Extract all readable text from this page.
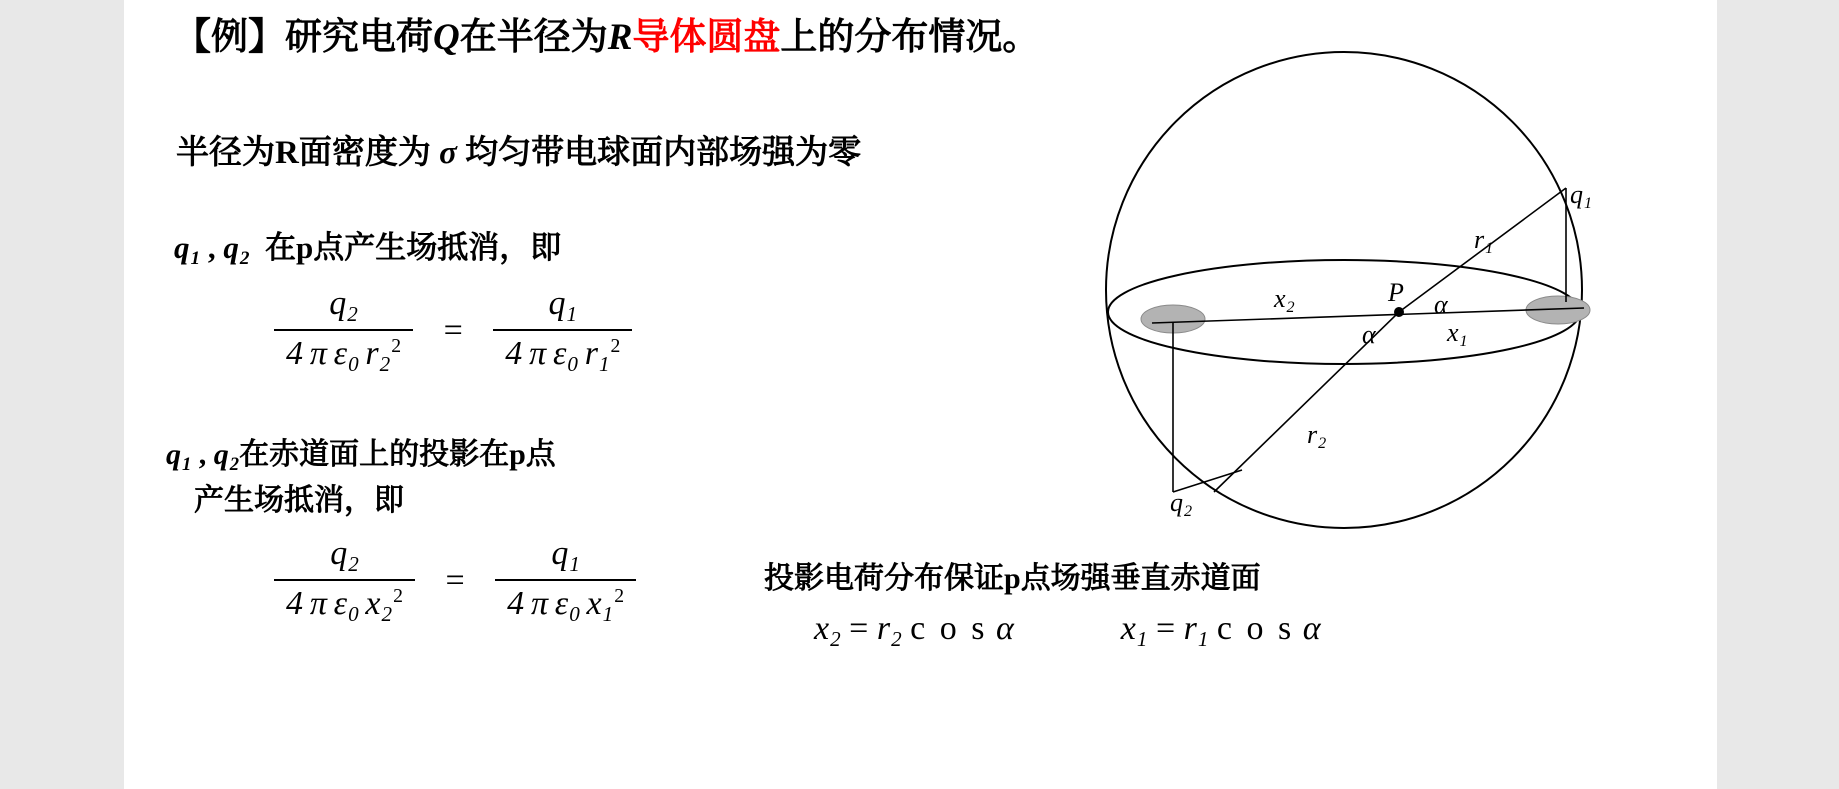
【例】研究电荷Q在半径为R导体圆盘上的分布情况。
半径为R面密度为 σ 均匀带电球面内部场强为零
$q_1$ , $q_2$  在p点产生场抵消，即
$\frac{q_2}{4 \pi \varepsilon_0 r_2^2} = \frac{q_1}{4 \pi \varepsilon_0 r_1^2}$
$q_1$ , $q_2$在赤道面上的投影在p点
产生场抵消，即
$\frac{q_2}{4 \pi \varepsilon_0 x_2^2} = \frac{q_1}{4 \pi \varepsilon_0 x_1^2}$	投影电荷分布保证p点场强垂直赤道面
$x_2 = r_2$ c o s α	$x_1 = r_1$ c o s α
$q_1$
$r_1$
$x_2$
P α
α	$x_1$
$r_2$
$q_2$
